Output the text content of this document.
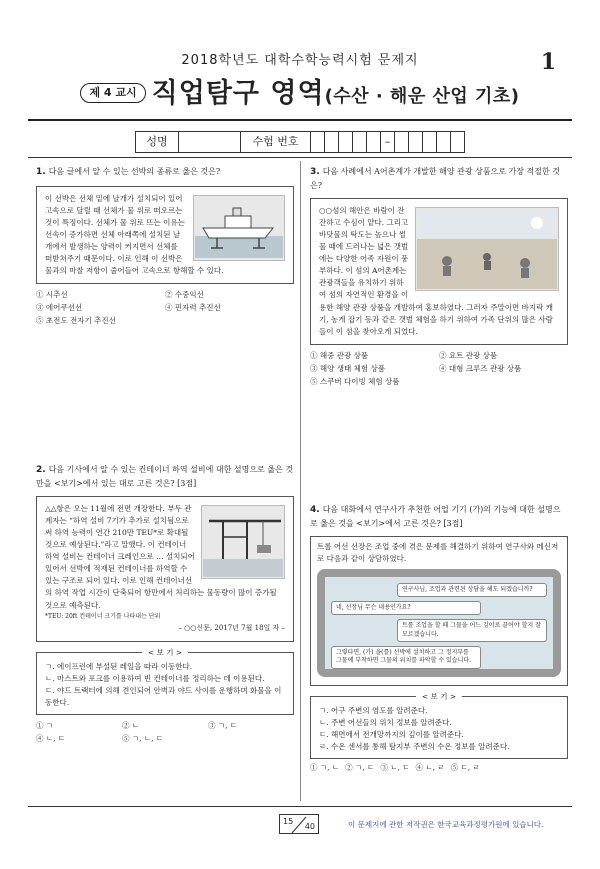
2018학년도 대학수학능력시험 문제지	1
제 4 교시 직업탐구 영역(수산 · 해운 산업 기초)
성명	수험 번호	–
1. 다음 글에서 알 수 있는 선박의 종류로 옳은 것은?
이 선박은 선체 밑에 날개가 설치되어 있어 고속으로 달릴 때 선체가 물 위로 떠오르는 것이 특징이다. 선체가 물 위로 뜨는 이유는 선속이 증가하면 선체 아래쪽에 설치된 날개에서 발생하는 양력이 커지면서 선체를 떠받쳐주기 때문이다. 이로 인해 이 선박은 물과의 마찰 저항이 줄어들어 고속으로 항해할 수 있다.
① 시추선	② 수중익선
③ 에어쿠션선	④ 핀자력 추진선
⑤ 초전도 전자기 추진선
2. 다음 기사에서 알 수 있는 컨테이너 하역 설비에 대한 설명으로 옳은 것만을 <보기>에서 있는 대로 고른 것은? [3점]
△△항은 오는 11월에 전면 개장한다. 부두 관계자는 “하역 설비 7기가 추가로 설치됨으로써 하역 능력이 연간 210만 TEU*로 확대될 것으로 예상된다.”라고 말했다. 이 컨테이너 하역 설비는 컨테이너 크레인으로 … 설치되어 있어서 선박에 적재된 컨테이너를 하역할 수 있는 구조로 되어 있다. 이로 인해 컨테이너선의 하역 작업 시간이 단축되어 항만에서 처리하는 물동량이 많이 증가될 것으로 예측된다.
*TEU: 20ft 컨테이너 크기를 나타내는 단위
– ○○신문, 2017년 7월 18일 자 –
< 보 기 >
ㄱ. 에이프런에 부설된 레일을 따라 이동한다.
ㄴ. 마스트와 포크를 이용하여 빈 컨테이너를 정리하는 데 이용된다.
ㄷ. 야드 트랙터에 의해 견인되어 안벽과 야드 사이를 운행하며 화물을 이동한다.
① ㄱ	② ㄴ	③ ㄱ, ㄷ
④ ㄴ, ㄷ	⑤ ㄱ, ㄴ, ㄷ
3. 다음 사례에서 A어촌계가 개발한 해양 관광 상품으로 가장 적절한 것은?
○○섬의 해안은 바람이 잔잔하고 수심이 얕다. 그리고 바닷물의 탁도는 높으나 썰물 때에 드러나는 넓은 갯벌에는 다양한 어족 자원이 풍부하다. 이 섬의 A어촌계는 관광객들을 유치하기 위하여 섬의 자연적인 환경을 이용한 해양 관광 상품을 개발하여 홍보하였다. 그러자 주말이면 바지락 캐기, 농게 잡기 등과 같은 갯벌 체험을 하기 위하여 가족 단위의 많은 사람들이 이 섬을 찾아오게 되었다.
① 해중 관광 상품	② 요트 관광 상품
③ 해양 생태 체험 상품	④ 대형 크루즈 관광 상품
⑤ 스쿠버 다이빙 체험 상품
4. 다음 대화에서 연구사가 추천한 어업 기기 (가)의 기능에 대한 설명으로 옳은 것을 <보기>에서 고른 것은? [3점]
트롤 어선 선장은 조업 중에 겪은 문제를 해결하기 위하여 연구사와 메신저로 다음과 같이 상담하였다.
연구사님, 조업과 관련된 상담을 해도 되겠습니까?
네, 선장님 무슨 내용인가요?
트롤 조업을 할 때 그물을 어느 깊이로 끌어야 할지 잘 모르겠습니다.
그렇다면, (가) 을(를) 선박에 설치하고 그 정지부를 그물에 부착하면 그물의 위치를 파악할 수 있습니다.
< 보 기 >
ㄱ. 어구 주변의 염도를 알려준다.
ㄴ. 주변 어선들의 위치 정보를 알려준다.
ㄷ. 해면에서 전개망까지의 깊이를 알려준다.
ㄹ. 수온 센서를 통해 탐지부 주변의 수온 정보를 알려준다.
① ㄱ, ㄴ ② ㄱ, ㄷ ③ ㄴ, ㄷ ④ ㄴ, ㄹ ⑤ ㄷ, ㄹ
15
40	이 문제지에 관한 저작권은 한국교육과정평가원에 있습니다.
